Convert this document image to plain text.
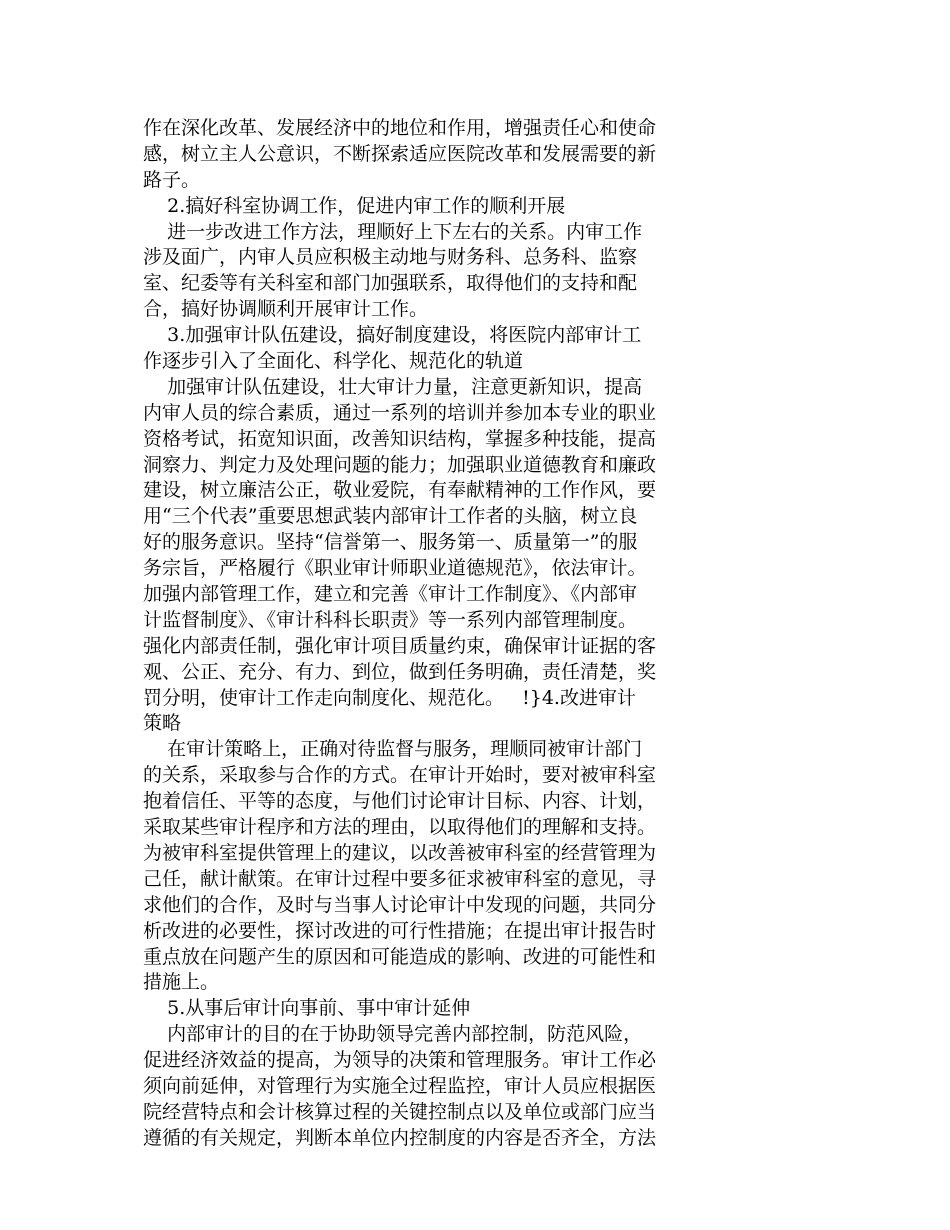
作在深化改革、发展经济中的地位和作用，增强责任心和使命
感，树立主人公意识，不断探索适应医院改革和发展需要的新
路子。
2.搞好科室协调工作，促进内审工作的顺利开展
进一步改进工作方法，理顺好上下左右的关系。内审工作
涉及面广，内审人员应积极主动地与财务科、总务科、监察
室、纪委等有关科室和部门加强联系，取得他们的支持和配
合，搞好协调顺利开展审计工作。
3.加强审计队伍建设，搞好制度建设，将医院内部审计工
作逐步引入了全面化、科学化、规范化的轨道
加强审计队伍建设，壮大审计力量，注意更新知识，提高
内审人员的综合素质，通过一系列的培训并参加本专业的职业
资格考试，拓宽知识面，改善知识结构，掌握多种技能，提高
洞察力、判定力及处理问题的能力；加强职业道德教育和廉政
建设，树立廉洁公正，敬业爱院，有奉献精神的工作作风，要
用“三个代表”重要思想武装内部审计工作者的头脑，树立良
好的服务意识。坚持“信誉第一、服务第一、质量第一”的服
务宗旨，严格履行《职业审计师职业道德规范》，依法审计。
加强内部管理工作，建立和完善《审计工作制度》、《内部审
计监督制度》、《审计科科长职责》等一系列内部管理制度。
强化内部责任制，强化审计项目质量约束，确保审计证据的客
观、公正、充分、有力、到位，做到任务明确，责任清楚，奖
罚分明，使审计工作走向制度化、规范化。   !}4.改进审计
策略
在审计策略上，正确对待监督与服务，理顺同被审计部门
的关系，采取参与合作的方式。在审计开始时，要对被审科室
抱着信任、平等的态度，与他们讨论审计目标、内容、计划，
采取某些审计程序和方法的理由，以取得他们的理解和支持。
为被审科室提供管理上的建议，以改善被审科室的经营管理为
己任，献计献策。在审计过程中要多征求被审科室的意见，寻
求他们的合作，及时与当事人讨论审计中发现的问题，共同分
析改进的必要性，探讨改进的可行性措施；在提出审计报告时
重点放在问题产生的原因和可能造成的影响、改进的可能性和
措施上。
5.从事后审计向事前、事中审计延伸
内部审计的目的在于协助领导完善内部控制，防范风险，
促进经济效益的提高，为领导的决策和管理服务。审计工作必
须向前延伸，对管理行为实施全过程监控，审计人员应根据医
院经营特点和会计核算过程的关键控制点以及单位或部门应当
遵循的有关规定，判断本单位内控制度的内容是否齐全，方法
